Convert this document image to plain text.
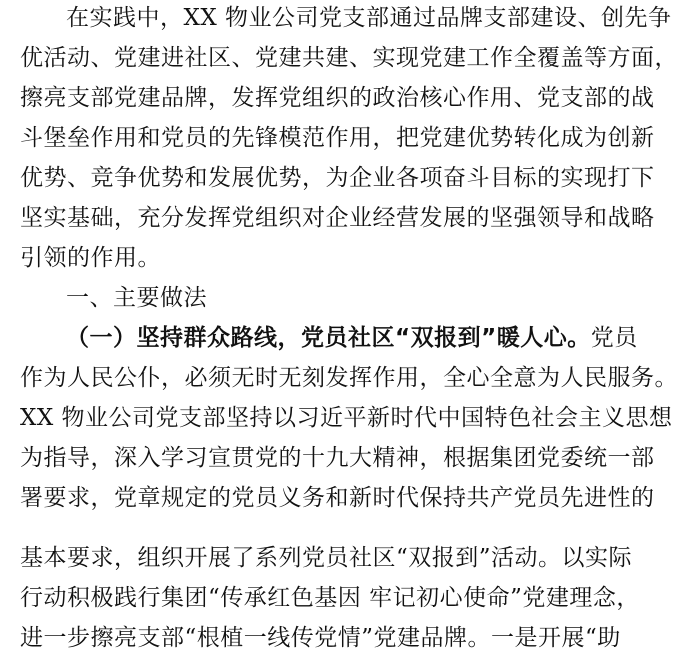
在实践中，XX 物业公司党支部通过品牌支部建设、创先争
优活动、党建进社区、党建共建、实现党建工作全覆盖等方面，
擦亮支部党建品牌，发挥党组织的政治核心作用、党支部的战
斗堡垒作用和党员的先锋模范作用，把党建优势转化成为创新
优势、竞争优势和发展优势，为企业各项奋斗目标的实现打下
坚实基础，充分发挥党组织对企业经营发展的坚强领导和战略
引领的作用。
一、主要做法
（一）坚持群众路线，党员社区“双报到”暖人心。党员
作为人民公仆，必须无时无刻发挥作用，全心全意为人民服务。
XX 物业公司党支部坚持以习近平新时代中国特色社会主义思想
为指导，深入学习宣贯党的十九大精神，根据集团党委统一部
署要求，党章规定的党员义务和新时代保持共产党员先进性的
基本要求，组织开展了系列党员社区“双报到”活动。以实际
行动积极践行集团“传承红色基因 牢记初心使命”党建理念，
进一步擦亮支部“根植一线传党情”党建品牌。一是开展“助
